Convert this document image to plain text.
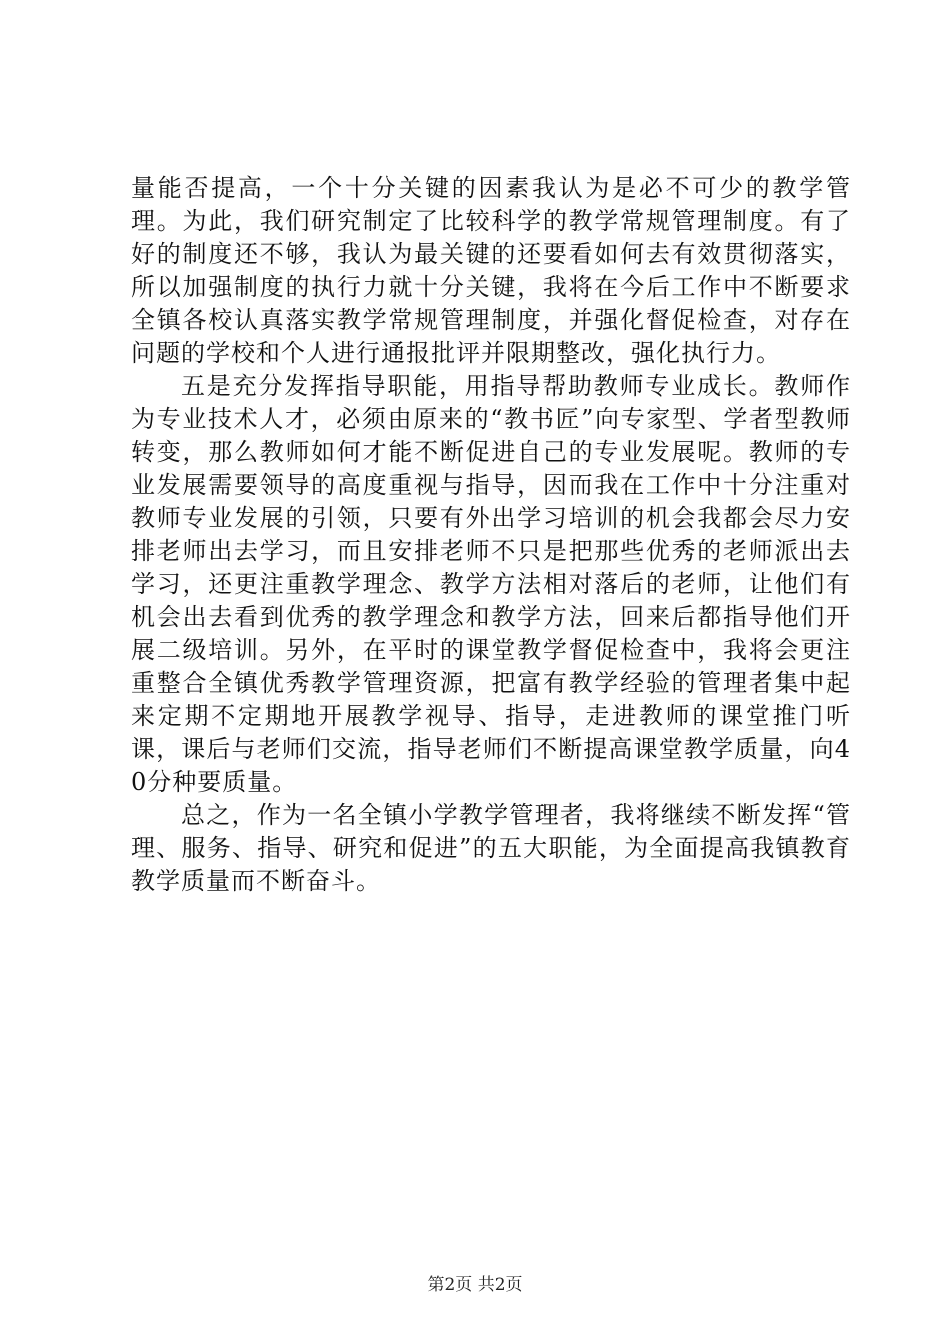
量能否提高，一个十分关键的因素我认为是必不可少的教学管理。为此，我们研究制定了比较科学的教学常规管理制度。有了好的制度还不够，我认为最关键的还要看如何去有效贯彻落实，所以加强制度的执行力就十分关键，我将在今后工作中不断要求全镇各校认真落实教学常规管理制度，并强化督促检查，对存在问题的学校和个人进行通报批评并限期整改，强化执行力。

五是充分发挥指导职能，用指导帮助教师专业成长。教师作为专业技术人才，必须由原来的“教书匠”向专家型、学者型教师转变，那么教师如何才能不断促进自己的专业发展呢。教师的专业发展需要领导的高度重视与指导，因而我在工作中十分注重对教师专业发展的引领，只要有外出学习培训的机会我都会尽力安排老师出去学习，而且安排老师不只是把那些优秀的老师派出去学习，还更注重教学理念、教学方法相对落后的老师，让他们有机会出去看到优秀的教学理念和教学方法，回来后都指导他们开展二级培训。另外，在平时的课堂教学督促检查中，我将会更注重整合全镇优秀教学管理资源，把富有教学经验的管理者集中起来定期不定期地开展教学视导、指导，走进教师的课堂推门听课，课后与老师们交流，指导老师们不断提高课堂教学质量，向40分种要质量。

总之，作为一名全镇小学教学管理者，我将继续不断发挥“管理、服务、指导、研究和促进”的五大职能，为全面提高我镇教育教学质量而不断奋斗。

第2页 共2页
